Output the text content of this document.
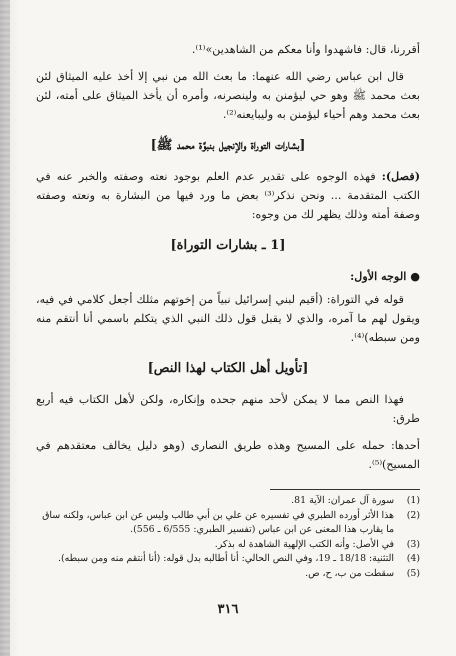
أقررنا، قال: فاشهدوا وأنا معكم من الشاهدين»⁽¹⁾.

قال ابن عباس رضي الله عنهما: ما بعث الله من نبي إلا أخذ عليه الميثاق لئن بعث محمد ﷺ وهو حي ليؤمنن به ولينصرنه، وأمره أن يأخذ الميثاق على أمته، لئن بعث محمد وهم أحياء ليؤمنن به وليبايعنه⁽²⁾.

[بشارات التوراة والإنجيل بنبوَّة محمد ﷺ]

(فصل): فهذه الوجوه على تقدير عدم العلم بوجود نعته وصفته والخبر عنه في الكتب المتقدمة ... ونحن نذكر⁽³⁾ بعض ما ورد فيها من البشارة به ونعته وصفته وصفة أمته وذلك يظهر لك من وجوه:

[1 ـ بشارات التوراة]
● الوجه الأول:

قوله في التوراة: (أقيم لبني إسرائيل نبياً من إخوتهم مثلك أجعل كلامي في فيه، ويقول لهم ما آمره، والذي لا يقبل قول ذلك النبي الذي يتكلم باسمي أنا أنتقم منه ومن سبطه)⁽⁴⁾.

[تأويل أهل الكتاب لهذا النص]

فهذا النص مما لا يمكن لأحد منهم جحده وإنكاره، ولكن لأهل الكتاب فيه أربع طرق:

أحدها: حمله على المسيح وهذه طريق النصارى (وهو دليل يخالف معتقدهم في المسيح)⁽⁵⁾.

(1)
سورة آل عمران: الآية 81.
(2)
هذا الأثر أورده الطبري في تفسيره عن علي بن أبي طالب وليس عن ابن عباس، ولكنه ساق ما يقارب هذا المعنى عن ابن عباس (تفسير الطبري: 6/555 ـ 556).
(3)
في الأصل: وأنه الكتب الإلهية الشاهدة له بذكر.
(4)
التثنية: 18/18 ـ 19، وفي النص الحالي: أنا أطالبه بدل قوله: (أنا أنتقم منه ومن سبطه).
(5)
سقطت من ب، ح، ص.
٣١٦
